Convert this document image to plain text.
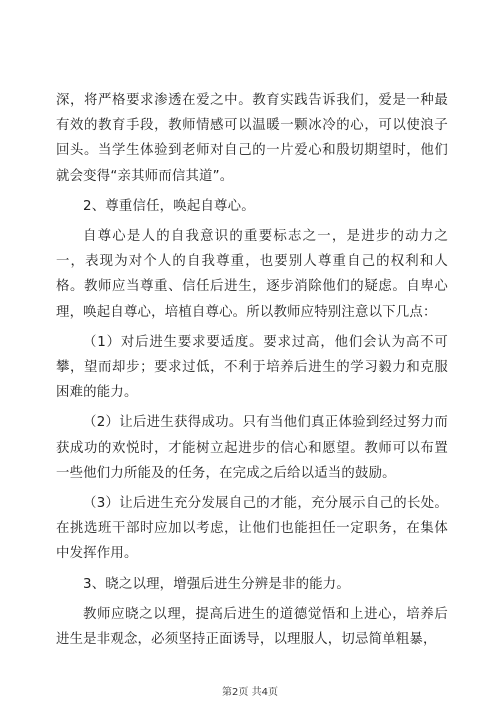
深，将严格要求渗透在爱之中。教育实践告诉我们，爱是一种最有效的教育手段，教师情感可以温暖一颗冰冷的心，可以使浪子回头。当学生体验到老师对自己的一片爱心和殷切期望时，他们就会变得“亲其师而信其道”。

2、尊重信任，唤起自尊心。

自尊心是人的自我意识的重要标志之一，是进步的动力之一，表现为对个人的自我尊重，也要别人尊重自己的权利和人格。教师应当尊重、信任后进生，逐步消除他们的疑虑。自卑心理，唤起自尊心，培植自尊心。所以教师应特别注意以下几点：

（1）对后进生要求要适度。要求过高，他们会认为高不可攀，望而却步；要求过低，不利于培养后进生的学习毅力和克服困难的能力。

（2）让后进生获得成功。只有当他们真正体验到经过努力而获成功的欢悦时，才能树立起进步的信心和愿望。教师可以布置一些他们力所能及的任务，在完成之后给以适当的鼓励。

（3）让后进生充分发展自己的才能，充分展示自己的长处。在挑选班干部时应加以考虑，让他们也能担任一定职务，在集体中发挥作用。

3、晓之以理，增强后进生分辨是非的能力。

教师应晓之以理，提高后进生的道德觉悟和上进心，培养后进生是非观念，必须坚持正面诱导，以理服人，切忌简单粗暴，

第2页 共4页
